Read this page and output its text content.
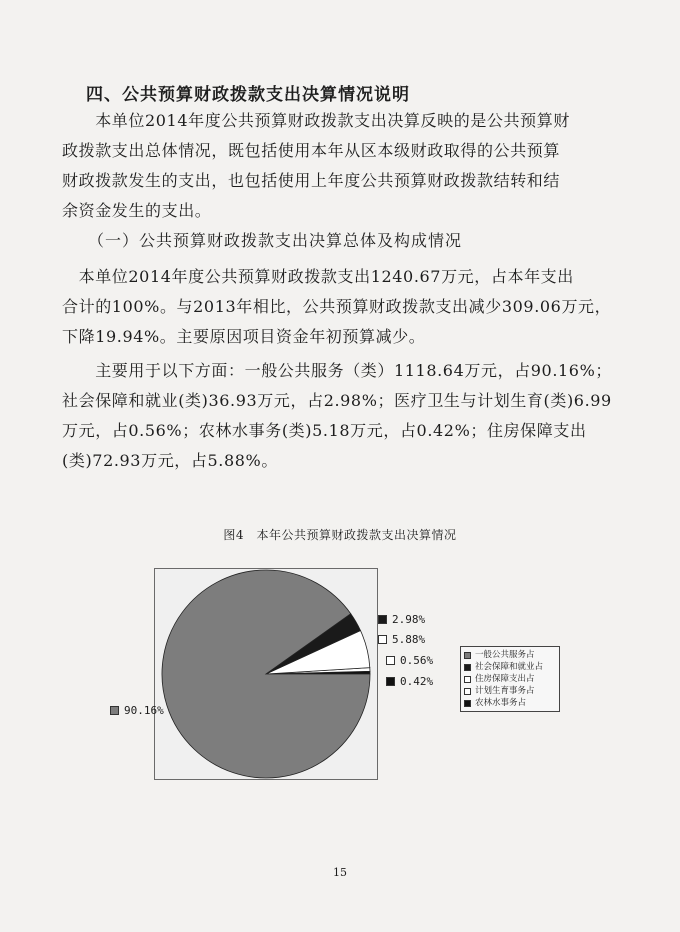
四、公共预算财政拨款支出决算情况说明

　　本单位2014年度公共预算财政拨款支出决算反映的是公共预算财

政拨款支出总体情况，既包括使用本年从区本级财政取得的公共预算

财政拨款发生的支出，也包括使用上年度公共预算财政拨款结转和结

余资金发生的支出。

（一）公共预算财政拨款支出决算总体及构成情况

　本单位2014年度公共预算财政拨款支出1240.67万元，占本年支出

合计的100%。与2013年相比，公共预算财政拨款支出减少309.06万元，

下降19.94%。主要原因项目资金年初预算减少。

　　主要用于以下方面：一般公共服务（类）1118.64万元，占90.16%；

社会保障和就业(类)36.93万元，占2.98%；医疗卫生与计划生育(类)6.99

万元，占0.56%；农林水事务(类)5.18万元，占0.42%；住房保障支出

(类)72.93万元，占5.88%。

图4　本年公共预算财政拨款支出决算情况
2.98%
5.88%
0.56%
0.42%
90.16%
一般公共服务占
社会保障和就业占
住房保障支出占
计划生育事务占
农林水事务占
15
